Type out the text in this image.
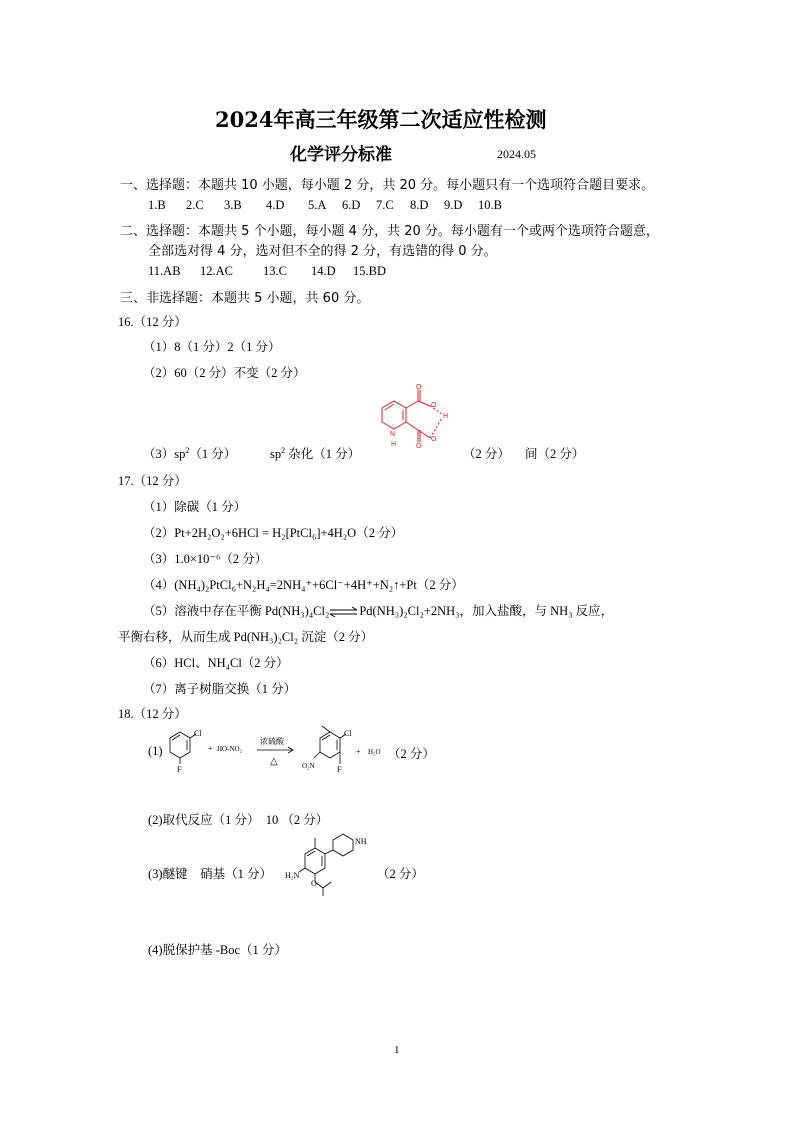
2024年高三年级第二次适应性检测
化学评分标准	2024.05
一、选择题：本题共 10 小题，每小题 2 分，共 20 分。每小题只有一个选项符合题目要求。
1.B 2.C 3.B 4.D 5.A 6.D 7.C 8.D 9.D 10.B
二、选择题：本题共 5 个小题，每小题 4 分，共 20 分。每小题有一个或两个选项符合题意，
全部选对得 4 分，选对但不全的得 2 分，有选错的得 0 分。
11.AB 12.AC 13.C 14.D 15.BD
三、非选择题：本题共 5 小题，共 60 分。
16.（12 分）
（1）8（1 分）2（1 分）
（2）60（2 分）不变（2 分）
O
O
H
O
O
N
H
$(3)sp^2(1$ 分）	$sp^2$ 杂化（1 分）	（2 分） 间（2 分）
17.（12 分）
（1）除碳（1 分）
（2）Pt+2H₂O₂+6HCl = H₂[PtCl₆]+4H₂O（2 分）
（3）1.0×10⁻⁶（2 分）
（4）(NH₄)₂PtCl₆+N₂H₄=2NH₄⁺+6Cl⁻+4H⁺+N₂↑+Pt（2 分）
（5）溶液中存在平衡 Pd(NH₃)₄Cl₂⇌Pd(NH₃)₂Cl₂+2NH₃，加入盐酸，与 NH₃ 反应，
平衡右移，从而生成 Pd(NH₃)₂Cl₂ 沉淀（2 分）
（6）HCl、NH₄Cl（2 分）
（7）离子树脂交换（1 分）
18.（12 分）
(1)
Cl
F
+ HO-NO₂
浓硫酸
△
Cl
F
O₂N
+ H₂O （2 分）
(2)取代反应（1 分）　10 （2 分）
(3)醚键　硝基（1 分）
NH
H₂N
O
（2 分）
(4)脱保护基 -Boc（1 分）
1
